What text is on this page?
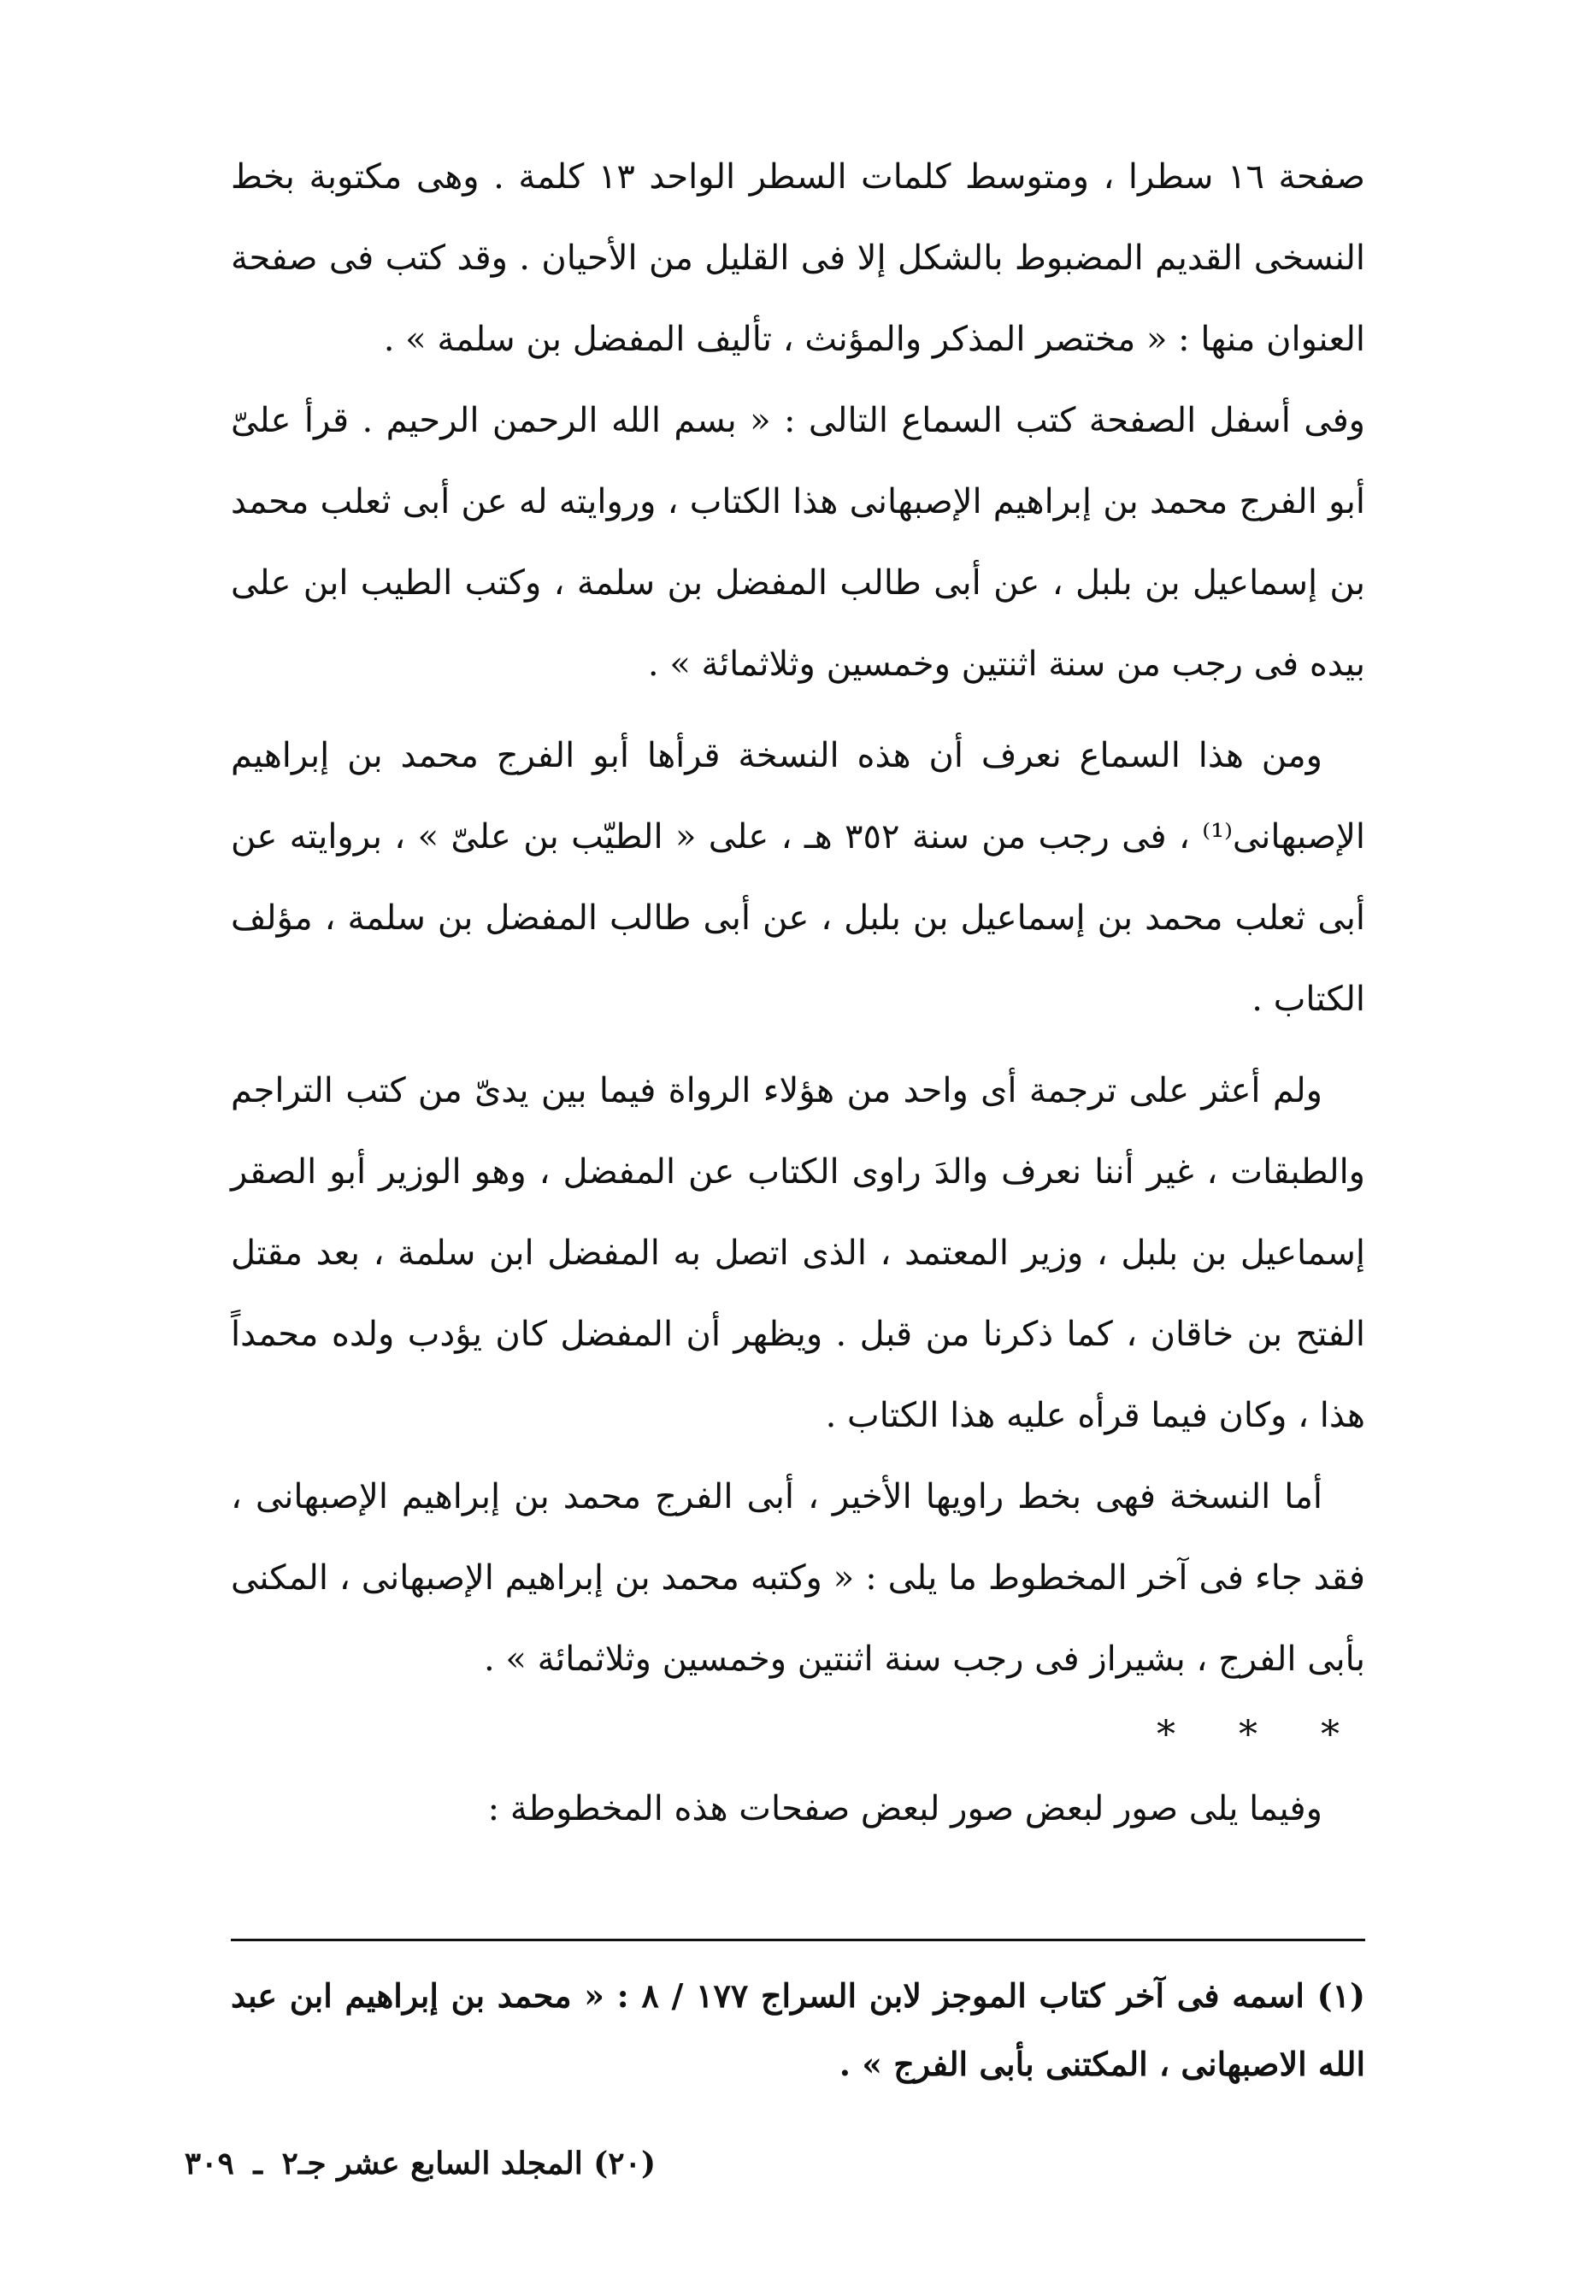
صفحة ١٦ سطرا ، ومتوسط كلمات السطر الواحد ١٣ كلمة . وهى مكتوبة بخط النسخى القديم المضبوط بالشكل إلا فى القليل من الأحيان . وقد كتب فى صفحة العنوان منها : « مختصر المذكر والمؤنث ، تأليف المفضل بن سلمة » .

وفى أسفل الصفحة كتب السماع التالى : « بسم الله الرحمن الرحيم . قرأ علىّ أبو الفرج محمد بن إبراهيم الإصبهانى هذا الكتاب ، وروايته له عن أبى ثعلب محمد بن إسماعيل بن بلبل ، عن أبى طالب المفضل بن سلمة ، وكتب الطيب ابن على بيده فى رجب من سنة اثنتين وخمسين وثلاثمائة » .

ومن هذا السماع نعرف أن هذه النسخة قرأها أبو الفرج محمد بن إبراهيم الإصبهانى⁽¹⁾ ، فى رجب من سنة ٣٥٢ هـ ، على « الطيّب بن علىّ » ، بروايته عن أبى ثعلب محمد بن إسماعيل بن بلبل ، عن أبى طالب المفضل بن سلمة ، مؤلف الكتاب .

ولم أعثر على ترجمة أى واحد من هؤلاء الرواة فيما بين يدىّ من كتب التراجم والطبقات ، غير أننا نعرف والدَ راوى الكتاب عن المفضل ، وهو الوزير أبو الصقر إسماعيل بن بلبل ، وزير المعتمد ، الذى اتصل به المفضل ابن سلمة ، بعد مقتل الفتح بن خاقان ، كما ذكرنا من قبل . ويظهر أن المفضل كان يؤدب ولده محمداً هذا ، وكان فيما قرأه عليه هذا الكتاب .

أما النسخة فهى بخط راويها الأخير ، أبى الفرج محمد بن إبراهيم الإصبهانى ، فقد جاء فى آخر المخطوط ما يلى : « وكتبه محمد بن إبراهيم الإصبهانى ، المكنى بأبى الفرج ، بشيراز فى رجب سنة اثنتين وخمسين وثلاثمائة » .

* * *

وفيما يلى صور لبعض صور لبعض صفحات هذه المخطوطة :

(١) اسمه فى آخر كتاب الموجز لابن السراج ١٧٧ / ٨ : « محمد بن إبراهيم ابن عبد الله الاصبهانى ، المكتنى بأبى الفرج » .
(٢٠) المجلد السابع عشر جـ٢ ـ ٣٠٩
